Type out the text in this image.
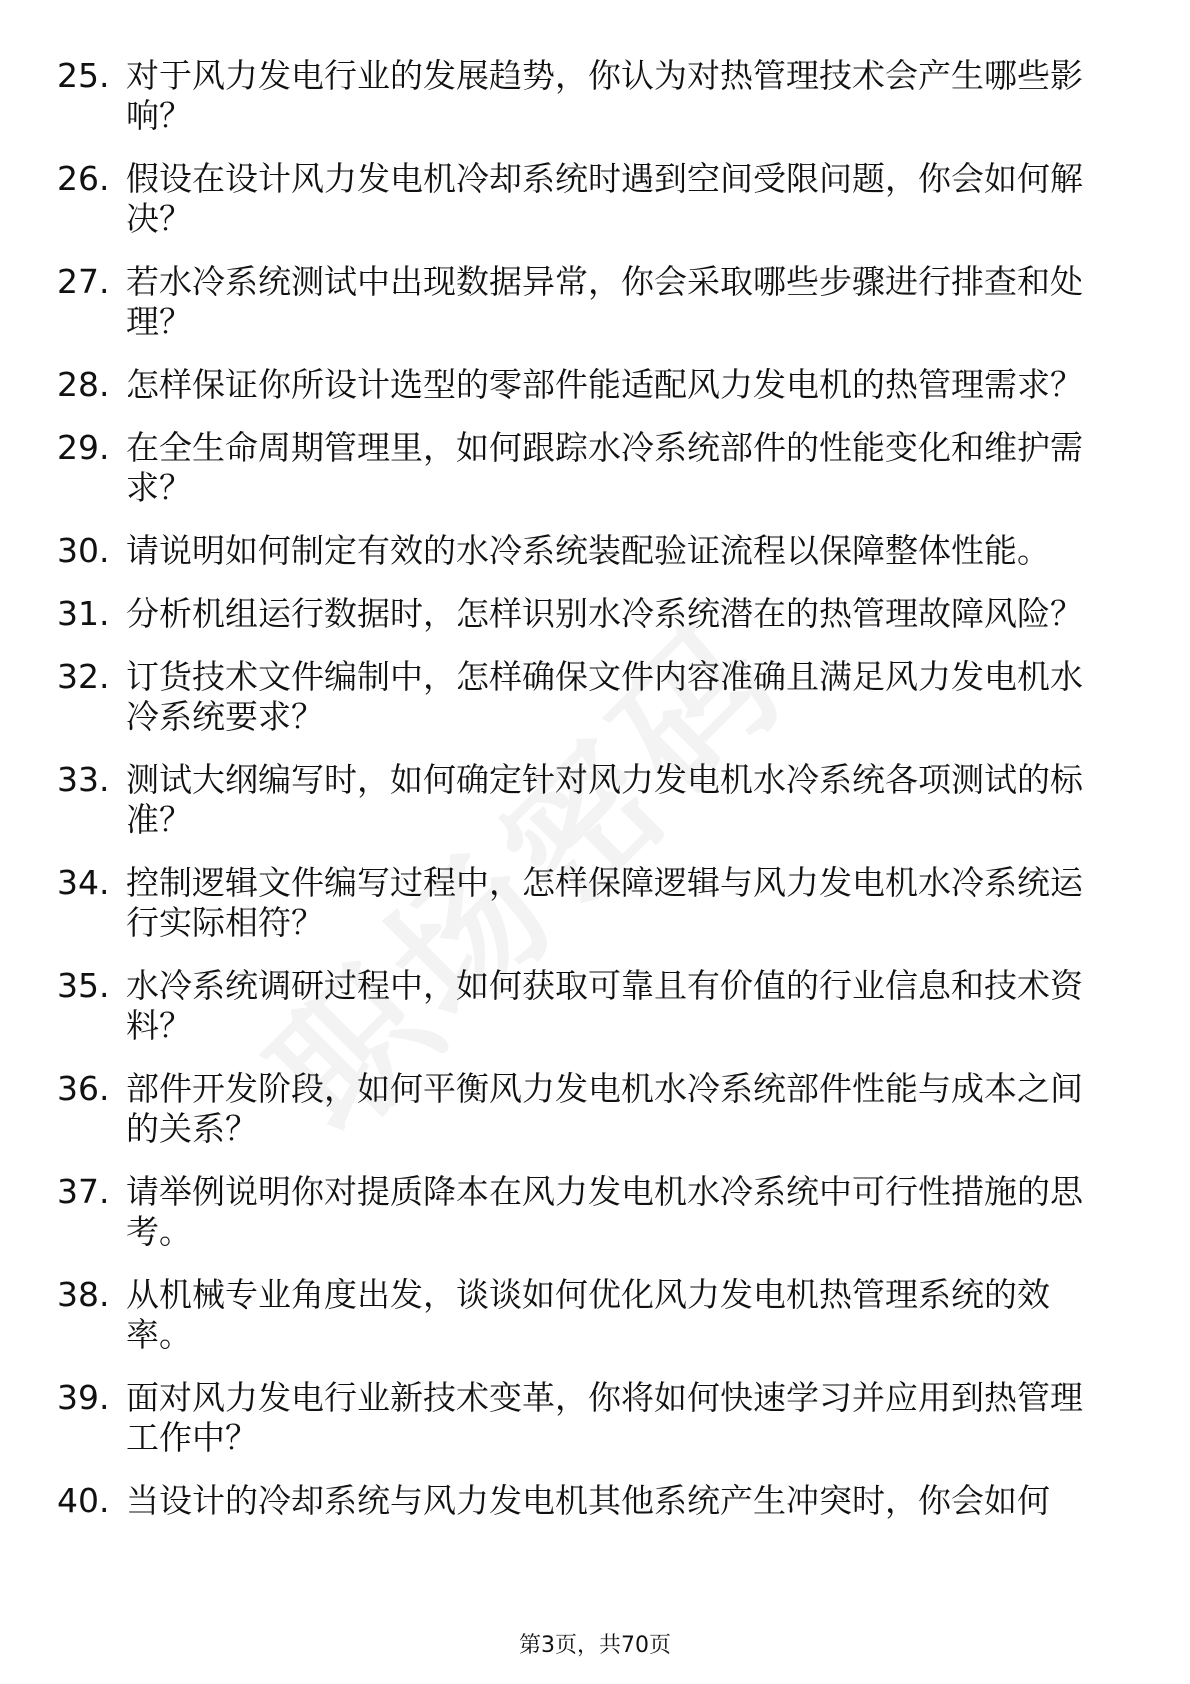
25. 对于风力发电行业的发展趋势，你认为对热管理技术会产生哪些影响？
26. 假设在设计风力发电机冷却系统时遇到空间受限问题，你会如何解决？
27. 若水冷系统测试中出现数据异常，你会采取哪些步骤进行排查和处理？
28. 怎样保证你所设计选型的零部件能适配风力发电机的热管理需求？
29. 在全生命周期管理里，如何跟踪水冷系统部件的性能变化和维护需求？
30. 请说明如何制定有效的水冷系统装配验证流程以保障整体性能。
31. 分析机组运行数据时，怎样识别水冷系统潜在的热管理故障风险？
32. 订货技术文件编制中，怎样确保文件内容准确且满足风力发电机水冷系统要求？
33. 测试大纲编写时，如何确定针对风力发电机水冷系统各项测试的标准？
34. 控制逻辑文件编写过程中，怎样保障逻辑与风力发电机水冷系统运行实际相符？
35. 水冷系统调研过程中，如何获取可靠且有价值的行业信息和技术资料？
36. 部件开发阶段，如何平衡风力发电机水冷系统部件性能与成本之间的关系？
37. 请举例说明你对提质降本在风力发电机水冷系统中可行性措施的思考。
38. 从机械专业角度出发，谈谈如何优化风力发电机热管理系统的效率。
39. 面对风力发电行业新技术变革，你将如何快速学习并应用到热管理工作中？
40. 当设计的冷却系统与风力发电机其他系统产生冲突时，你会如何
第3页，共70页
